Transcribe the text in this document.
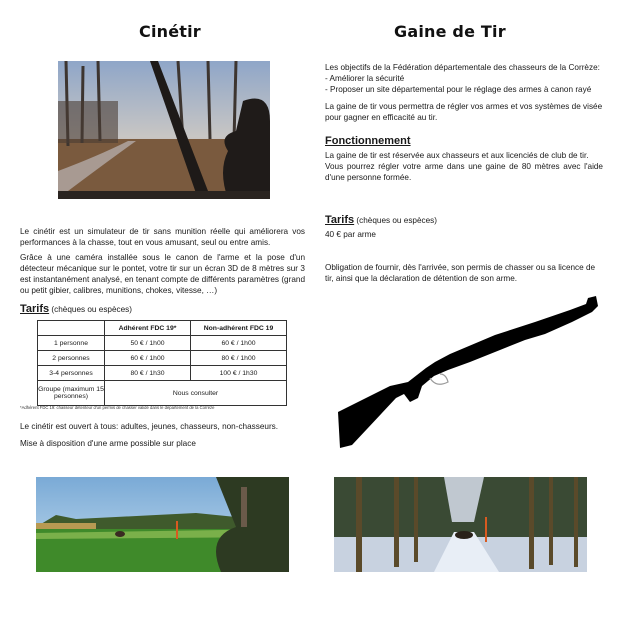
Cinétir

Le cinétir est un simulateur de tir sans munition réelle qui améliorera vos performances à la chasse, tout en vous amusant, seul ou entre amis.

Grâce à une caméra installée sous le canon de l'arme et la pose d'un détecteur mécanique sur le pontet, votre tir sur un écran 3D de 8 mètres sur 3 est instantanément analysé, en tenant compte de différents paramètres (grand ou petit gibier, calibres, munitions, chokes, vitesse, …)

Tarifs (chèques ou espèces)
	Adhérent FDC 19*	Non-adhérent FDC 19
1 personne	50 € / 1h00	60 € / 1h00
2 personnes	60 € / 1h00	80 € / 1h00
3-4 personnes	80 € / 1h30	100 € / 1h30
Groupe (maximum 15 personnes)	Nous consulter	
*Adhérent FDC 19: chasseur détenteur d'un permis de chasser validé dans le département de la Corrèze

Le cinétir est ouvert à tous: adultes, jeunes, chasseurs, non-chasseurs.

Mise à disposition d'une arme possible sur place

Gaine de Tir

Les objectifs de la Fédération départementale des chasseurs de la Corrèze:

- Améliorer la sécurité

- Proposer un site départemental pour le réglage des armes à canon rayé

La gaine de tir vous permettra de régler vos armes et vos systèmes de visée pour gagner en efficacité au tir.

Fonctionnement

La gaine de tir est réservée aux chasseurs et aux licenciés de club de tir.

Vous pourrez régler votre arme dans une gaine de 80 mètres avec l'aide d'une personne formée.

Tarifs (chèques ou espèces)

40 € par arme

Obligation de fournir, dès l'arrivée, son permis de chasser ou sa licence de tir, ainsi que la déclaration de détention de son arme.
